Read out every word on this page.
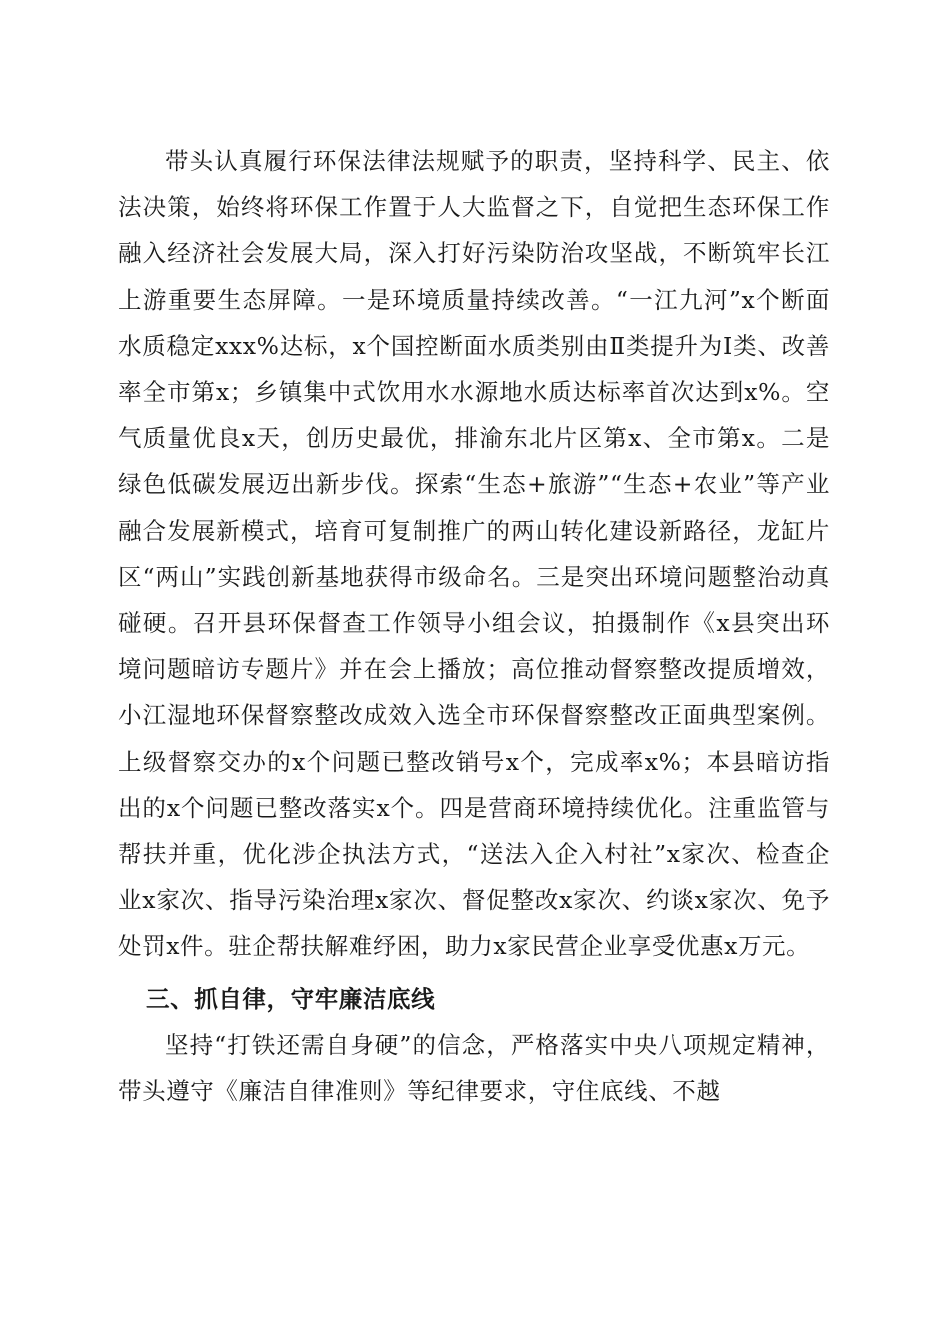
带头认真履行环保法律法规赋予的职责，坚持科学、民主、依法决策，始终将环保工作置于人大监督之下，自觉把生态环保工作融入经济社会发展大局，深入打好污染防治攻坚战，不断筑牢长江上游重要生态屏障。一是环境质量持续改善。“一江九河”x个断面水质稳定xxx%达标，x个国控断面水质类别由Ⅱ类提升为Ⅰ类、改善率全市第x；乡镇集中式饮用水水源地水质达标率首次达到x%。空气质量优良x天，创历史最优，排渝东北片区第x、全市第x。二是绿色低碳发展迈出新步伐。探索“生态+旅游”“生态+农业”等产业融合发展新模式，培育可复制推广的两山转化建设新路径，龙缸片区“两山”实践创新基地获得市级命名。三是突出环境问题整治动真碰硬。召开县环保督查工作领导小组会议，拍摄制作《x县突出环境问题暗访专题片》并在会上播放；高位推动督察整改提质增效，小江湿地环保督察整改成效入选全市环保督察整改正面典型案例。上级督察交办的x个问题已整改销号x个，完成率x%；本县暗访指出的x个问题已整改落实x个。四是营商环境持续优化。注重监管与帮扶并重，优化涉企执法方式，“送法入企入村社”x家次、检查企业x家次、指导污染治理x家次、督促整改x家次、约谈x家次、免予处罚x件。驻企帮扶解难纾困，助力x家民营企业享受优惠x万元。

三、抓自律，守牢廉洁底线

坚持“打铁还需自身硬”的信念，严格落实中央八项规定精神，带头遵守《廉洁自律准则》等纪律要求，守住底线、不越
